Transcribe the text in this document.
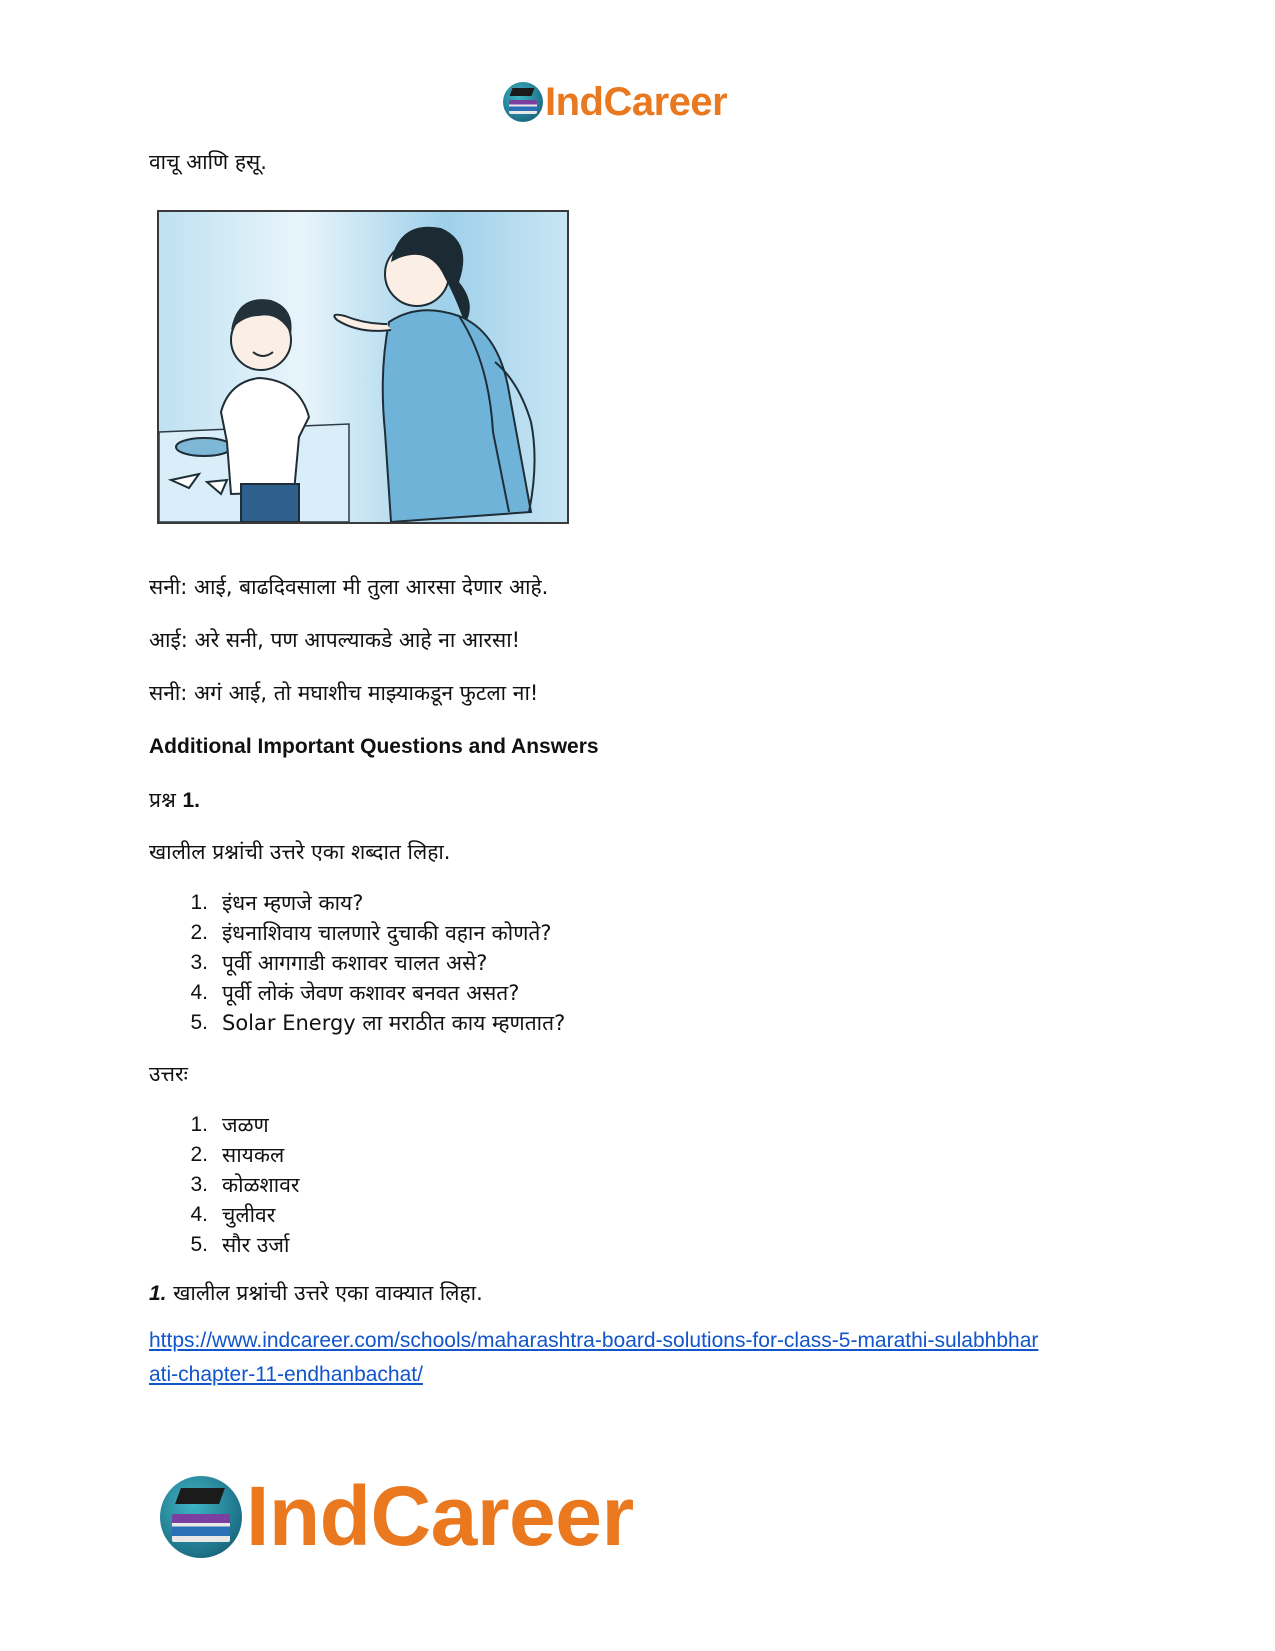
IndCareer
वाचू आणि हसू.
सनी: आई, बाढदिवसाला मी तुला आरसा देणार आहे.
आई: अरे सनी, पण आपल्याकडे आहे ना आरसा!
सनी: अगं आई, तो मघाशीच माझ्याकडून फुटला ना!
Additional Important Questions and Answers
प्रश्न 1.
खालील प्रश्नांची उत्तरे एका शब्दात लिहा.
1. इंधन म्हणजे काय?
2. इंधनाशिवाय चालणारे दुचाकी वहान कोणते?
3. पूर्वी आगगाडी कशावर चालत असे?
4. पूर्वी लोकं जेवण कशावर बनवत असत?
5. Solar Energy ला मराठीत काय म्हणतात?
उत्तरः
1. जळण
2. सायकल
3. कोळशावर
4. चुलीवर
5. सौर उर्जा
1. खालील प्रश्नांची उत्तरे एका वाक्यात लिहा.
https://www.indcareer.com/schools/maharashtra-board-solutions-for-class-5-marathi-sulabhbhar
ati-chapter-11-endhanbachat/
IndCareer
